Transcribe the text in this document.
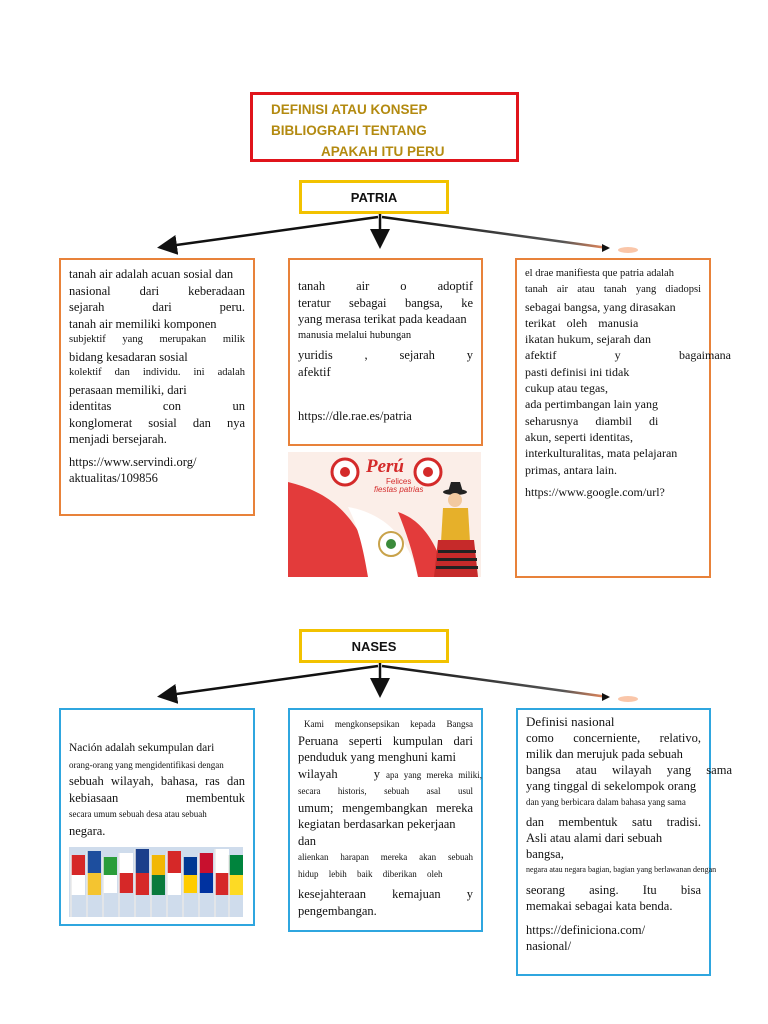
DEFINISI ATAU KONSEP
BIBLIOGRAFI TENTANG
APAKAH ITU PERU
PATRIA

tanah air adalah acuan sosial dan

nasional dari keberadaan

sejarah dari peru.

tanah air memiliki komponen

subjektif yang merupakan milik

bidang kesadaran sosial

kolektif dan individu. ini adalah

perasaan memiliki, dari

identitas con un

konglomerat sosial dan nya

menjadi bersejarah.

https://www.servindi.org/

aktualitas/109856

tanah air o adoptif

teratur sebagai bangsa, ke

yang merasa terikat pada keadaan

manusia melalui hubungan

yuridis , sejarah y

afektif

https://dle.rae.es/patria

Perú
Felices
fiestas patrias

el drae manifiesta que patria adalah

tanah air atau tanah yang diadopsi

sebagai bangsa, yang dirasakan

terikat oleh manusia

ikatan hukum, sejarah dan

afektif y bagaimana

pasti definisi ini tidak

cukup atau tegas,

ada pertimbangan lain yang

seharusnya diambil di

akun, seperti identitas,

interkulturalitas, mata pelajaran

primas, antara lain.

https://www.google.com/url?

NASES

Nación adalah sekumpulan dari

orang-orang yang mengidentifikasi dengan

sebuah wilayah, bahasa, ras dan

kebiasaan membentuk

secara umum sebuah desa atau sebuah

negara.

Kami mengkonsepsikan kepada Bangsa

Peruana seperti kumpulan dari

penduduk yang menghuni kami

wilayah y apa yang mereka miliki,

secara historis, sebuah asal usul

umum; mengembangkan mereka

kegiatan berdasarkan pekerjaan dan

alienkan harapan mereka akan sebuah

hidup lebih baik diberikan oleh

kesejahteraan kemajuan y

pengembangan.

Definisi nasional

como concerniente, relativo,

milik dan merujuk pada sebuah

bangsa atau wilayah yang sama

yang tinggal di sekelompok orang

dan yang berbicara dalam bahasa yang sama

dan membentuk satu tradisi.

Asli atau alami dari sebuah bangsa,

negara atau negara bagian, bagian yang berlawanan dengan

seorang asing. Itu bisa

memakai sebagai kata benda.

https://definiciona.com/

nasional/
